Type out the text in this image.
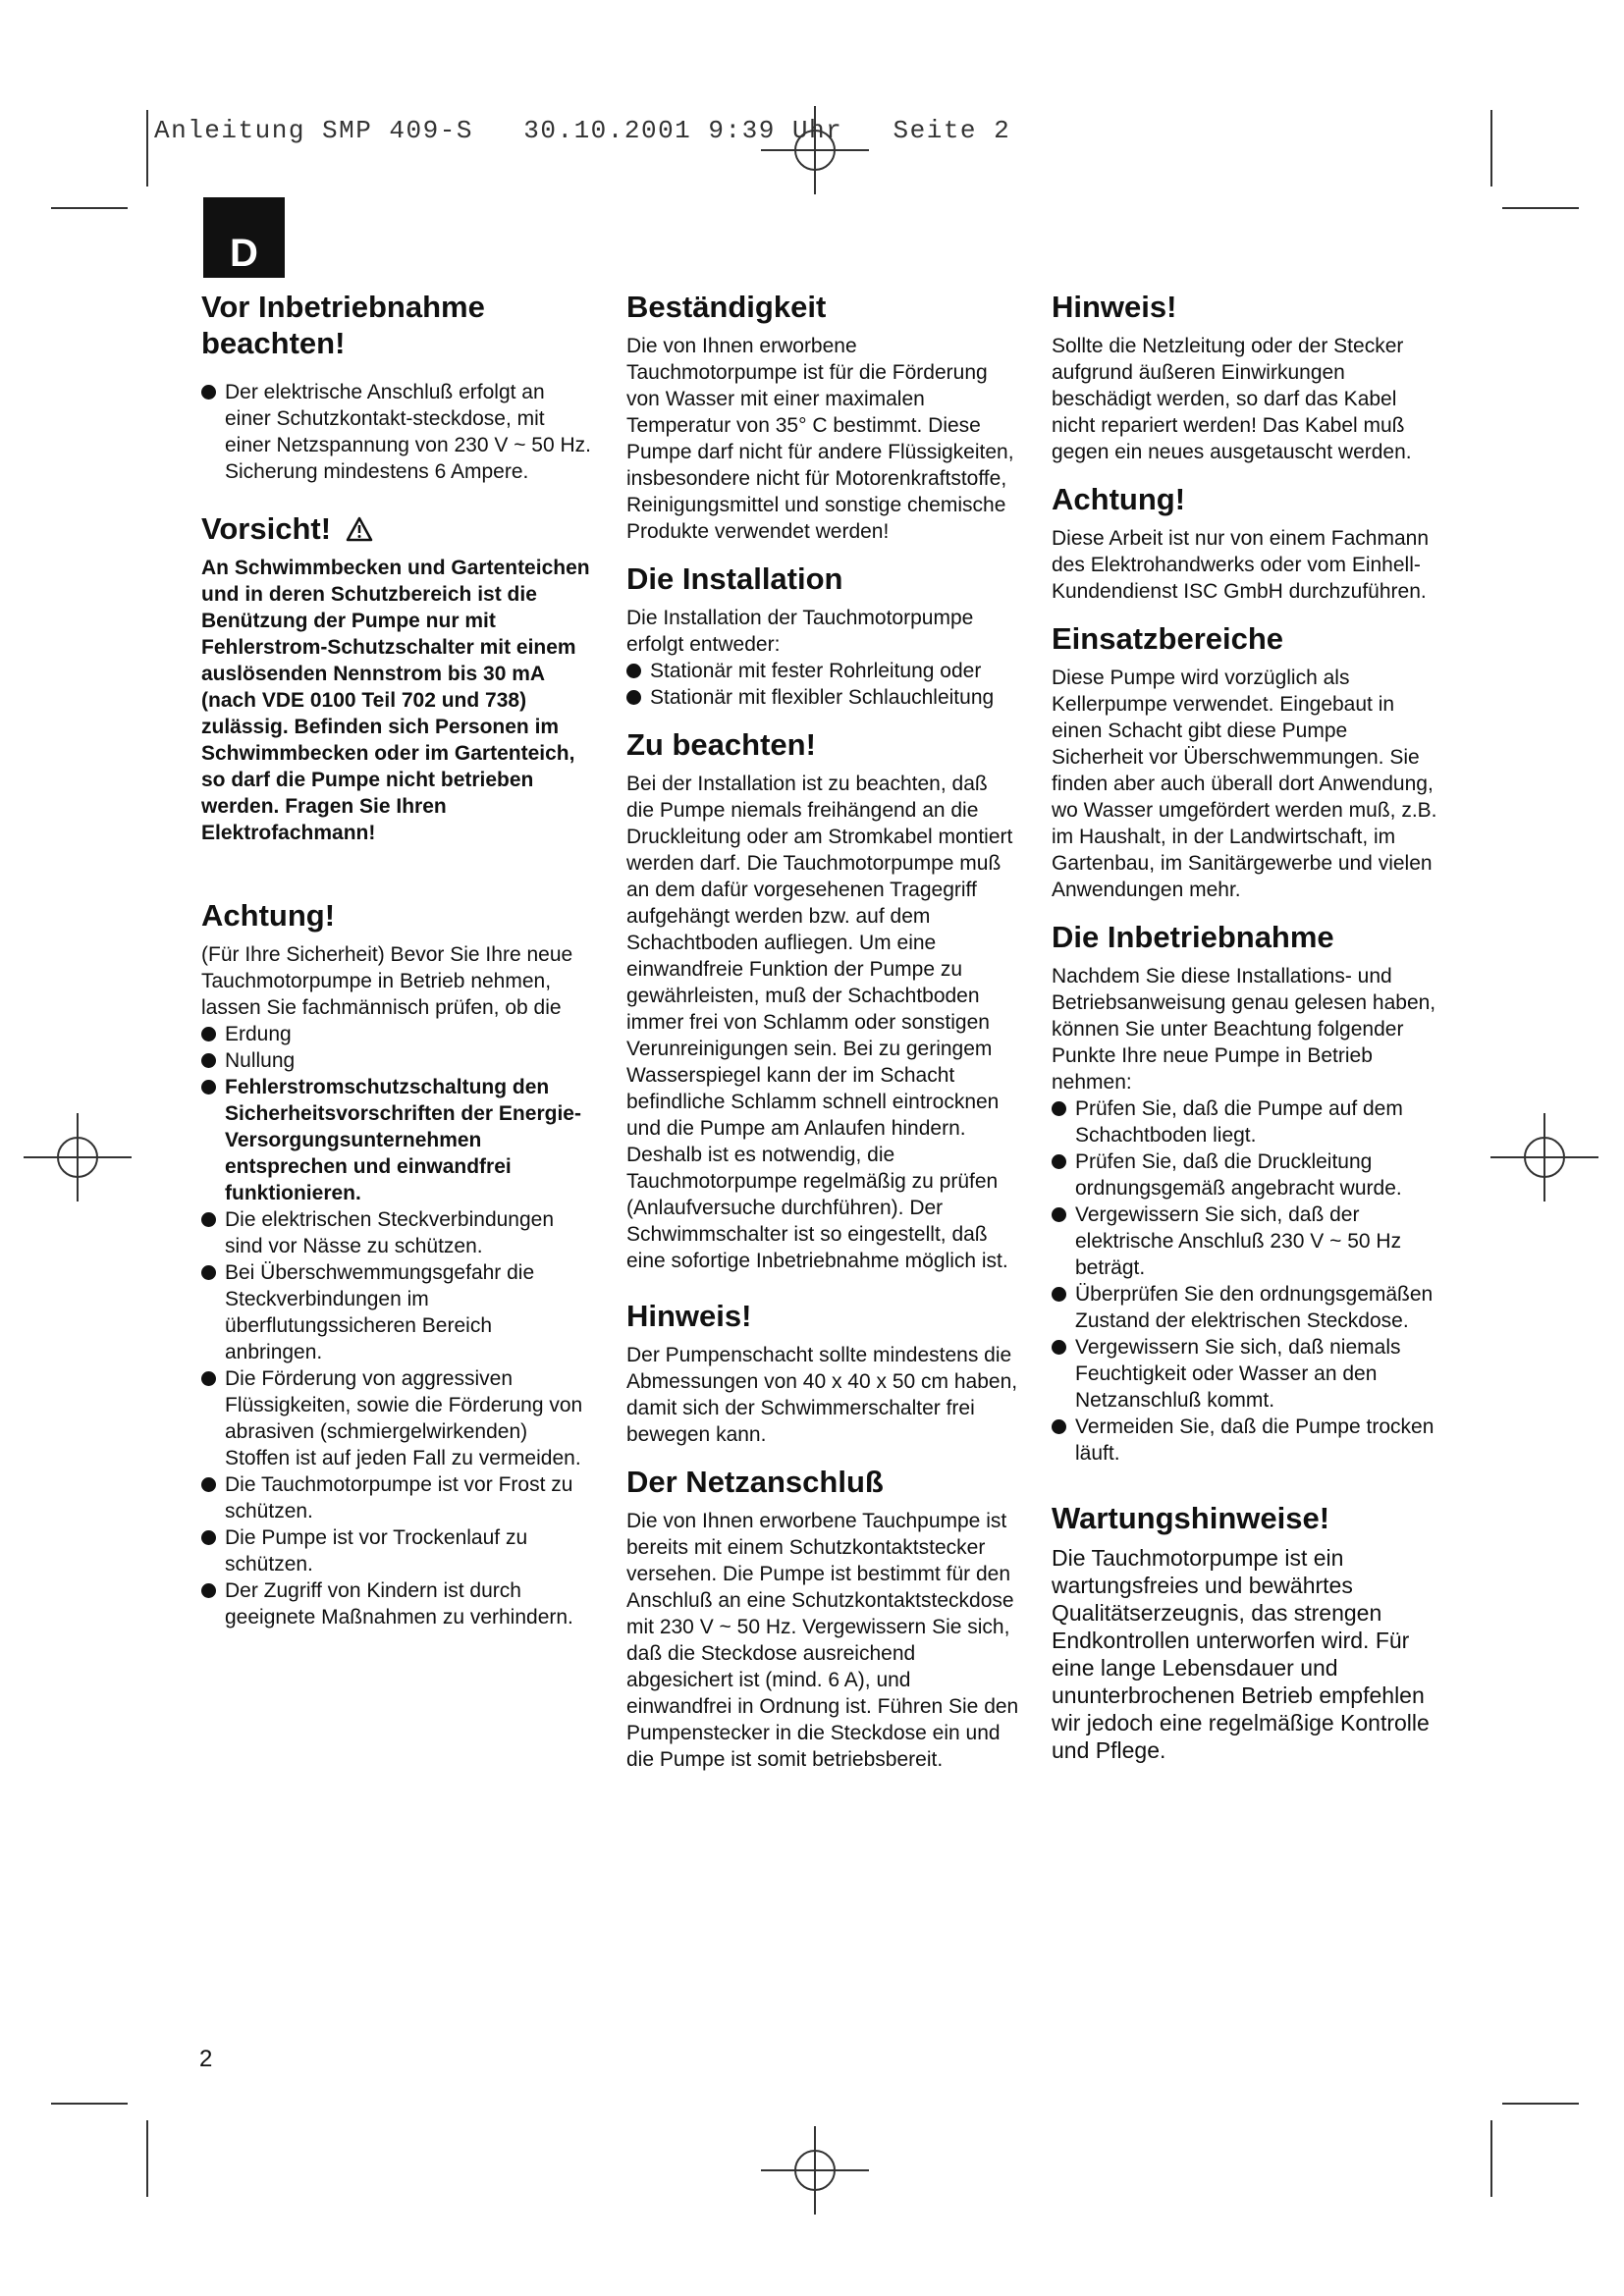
Anleitung SMP 409-S   30.10.2001 9:39 Uhr   Seite 2
D
Vor Inbetriebnahme beachten!
Der elektrische Anschluß erfolgt an einer Schutzkontakt-steckdose, mit einer Netzspannung von 230 V ~ 50 Hz. Sicherung mindestens 6 Ampere.
Vorsicht!

An Schwimmbecken und Gartenteichen und in deren Schutzbereich ist die Benützung der Pumpe nur mit Fehlerstrom-Schutzschalter mit einem auslösenden Nennstrom bis 30 mA (nach VDE 0100 Teil 702 und 738) zulässig. Befinden sich Personen im Schwimmbecken oder im Gartenteich, so darf die Pumpe nicht betrieben werden. Fragen Sie Ihren Elektrofachmann!

Achtung!

(Für Ihre Sicherheit) Bevor Sie Ihre neue Tauchmotorpumpe in Betrieb nehmen, lassen Sie fachmännisch prüfen, ob die

Erdung
Nullung
Fehlerstromschutzschaltung den Sicherheitsvorschriften der Energie-Versorgungsunternehmen entsprechen und einwandfrei funktionieren.
Die elektrischen Steckverbindungen sind vor Nässe zu schützen.
Bei Überschwemmungsgefahr die Steckverbindungen im überflutungssicheren Bereich anbringen.
Die Förderung von aggressiven Flüssigkeiten, sowie die Förderung von abrasiven (schmiergelwirkenden) Stoffen ist auf jeden Fall zu vermeiden.
Die Tauchmotorpumpe ist vor Frost zu schützen.
Die Pumpe ist vor Trockenlauf zu schützen.
Der Zugriff von Kindern ist durch geeignete Maßnahmen zu verhindern.
Beständigkeit

Die von Ihnen erworbene Tauchmotorpumpe ist für die Förderung von Wasser mit einer maximalen Temperatur von 35° C bestimmt. Diese Pumpe darf nicht für andere Flüssigkeiten, insbesondere nicht für Motorenkraftstoffe, Reinigungsmittel und sonstige chemische Produkte verwendet werden!

Die Installation

Die Installation der Tauchmotorpumpe erfolgt entweder:

Stationär mit fester Rohrleitung oder
Stationär mit flexibler Schlauchleitung
Zu beachten!

Bei der Installation ist zu beachten, daß die Pumpe niemals freihängend an die Druckleitung oder am Stromkabel montiert werden darf. Die Tauchmotorpumpe muß an dem dafür vorgesehenen Tragegriff aufgehängt werden bzw. auf dem Schachtboden aufliegen. Um eine einwandfreie Funktion der Pumpe zu gewährleisten, muß der Schachtboden immer frei von Schlamm oder sonstigen Verunreinigungen sein. Bei zu geringem Wasserspiegel kann der im Schacht befindliche Schlamm schnell eintrocknen und die Pumpe am Anlaufen hindern. Deshalb ist es notwendig, die Tauchmotorpumpe regelmäßig zu prüfen (Anlaufversuche durchführen). Der Schwimmschalter ist so eingestellt, daß eine sofortige Inbetriebnahme möglich ist.

Hinweis!

Der Pumpenschacht sollte mindestens die Abmessungen von 40 x 40 x 50 cm haben, damit sich der Schwimmerschalter frei bewegen kann.

Der Netzanschluß

Die von Ihnen erworbene Tauchpumpe ist bereits mit einem Schutzkontaktstecker versehen. Die Pumpe ist bestimmt für den Anschluß an eine Schutzkontaktsteckdose mit 230 V ~ 50 Hz. Vergewissern Sie sich, daß die Steckdose ausreichend abgesichert ist (mind. 6 A), und einwandfrei in Ordnung ist. Führen Sie den Pumpenstecker in die Steckdose ein und die Pumpe ist somit betriebsbereit.

Hinweis!

Sollte die Netzleitung oder der Stecker aufgrund äußeren Einwirkungen beschädigt werden, so darf das Kabel nicht repariert werden! Das Kabel muß gegen ein neues ausgetauscht werden.

Achtung!

Diese Arbeit ist nur von einem Fachmann des Elektrohandwerks oder vom Einhell-Kundendienst ISC GmbH durchzuführen.

Einsatzbereiche

Diese Pumpe wird vorzüglich als Kellerpumpe verwendet. Eingebaut in einen Schacht gibt diese Pumpe Sicherheit vor Überschwemmungen. Sie finden aber auch überall dort Anwendung, wo Wasser umgefördert werden muß, z.B. im Haushalt, in der Landwirtschaft, im Gartenbau, im Sanitärgewerbe und vielen Anwendungen mehr.

Die Inbetriebnahme

Nachdem Sie diese Installations- und Betriebsanweisung genau gelesen haben, können Sie unter Beachtung folgender Punkte Ihre neue Pumpe in Betrieb nehmen:

Prüfen Sie, daß die Pumpe auf dem Schachtboden liegt.
Prüfen Sie, daß die Druckleitung ordnungsgemäß angebracht wurde.
Vergewissern Sie sich, daß der elektrische Anschluß 230 V ~ 50 Hz beträgt.
Überprüfen Sie den ordnungsgemäßen Zustand der elektrischen Steckdose.
Vergewissern Sie sich, daß niemals Feuchtigkeit oder Wasser an den Netzanschluß kommt.
Vermeiden Sie, daß die Pumpe trocken läuft.
Wartungshinweise!

Die Tauchmotorpumpe ist ein wartungsfreies und bewährtes Qualitätserzeugnis, das strengen Endkontrollen unterworfen wird. Für eine lange Lebensdauer und ununterbrochenen Betrieb empfehlen wir jedoch eine regelmäßige Kontrolle und Pflege.

2
